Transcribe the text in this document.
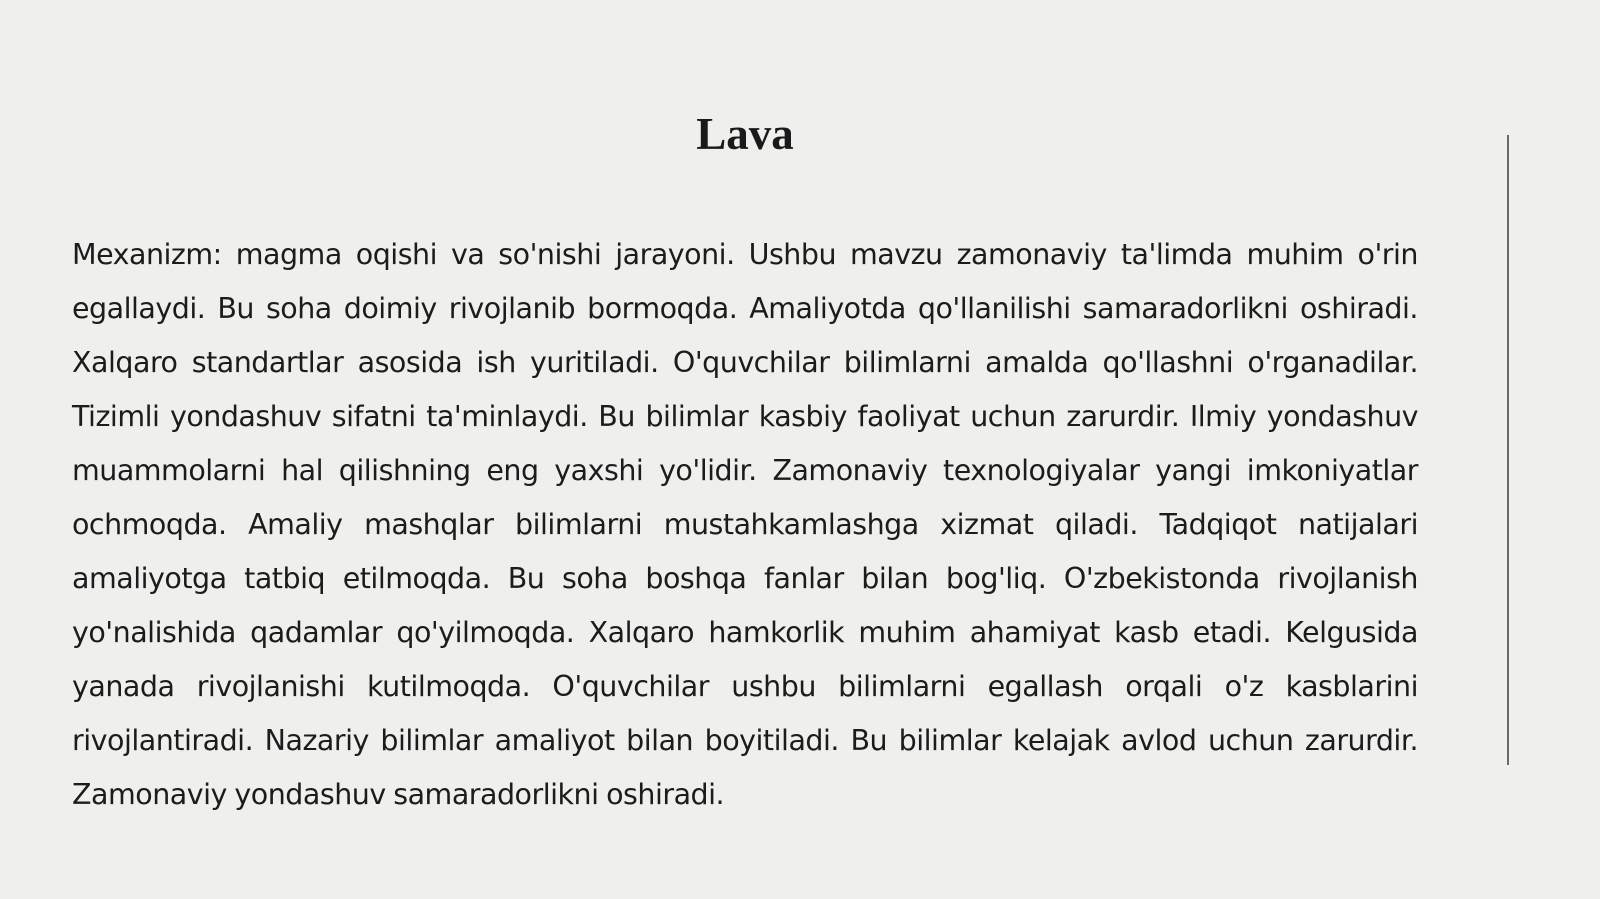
Lava

Mexanizm: magma oqishi va so'nishi jarayoni. Ushbu mavzu zamonaviy ta'limda muhim o'rin egallaydi. Bu soha doimiy rivojlanib bormoqda. Amaliyotda qo'llanilishi samaradorlikni oshiradi. Xalqaro standartlar asosida ish yuritiladi. O'quvchilar bilimlarni amalda qo'llashni o'rganadilar. Tizimli yondashuv sifatni ta'minlaydi. Bu bilimlar kasbiy faoliyat uchun zarurdir. Ilmiy yondashuv muammolarni hal qilishning eng yaxshi yo'lidir. Zamonaviy texnologiyalar yangi imkoniyatlar ochmoqda. Amaliy mashqlar bilimlarni mustahkamlashga xizmat qiladi. Tadqiqot natijalari amaliyotga tatbiq etilmoqda. Bu soha boshqa fanlar bilan bog'liq. O'zbekistonda rivojlanish yo'nalishida qadamlar qo'yilmoqda. Xalqaro hamkorlik muhim ahamiyat kasb etadi. Kelgusida yanada rivojlanishi kutilmoqda. O'quvchilar ushbu bilimlarni egallash orqali o'z kasblarini rivojlantiradi. Nazariy bilimlar amaliyot bilan boyitiladi. Bu bilimlar kelajak avlod uchun zarurdir. Zamonaviy yondashuv samaradorlikni oshiradi.
